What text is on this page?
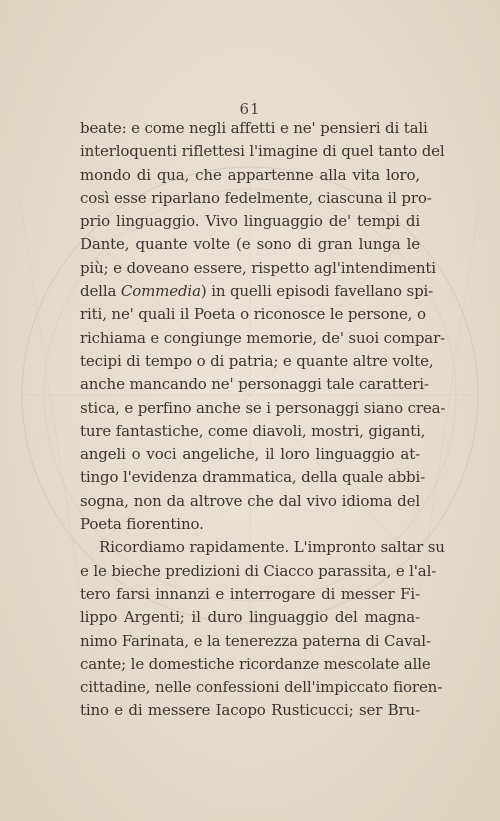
61
beate: e come negli affetti e ne' pensieri di tali
interloquenti riflettesi l'imagine di quel tanto del
mondo di qua, che appartenne alla vita loro,
così esse riparlano fedelmente, ciascuna il pro-
prio linguaggio. Vivo linguaggio de' tempi di
Dante, quante volte (e sono di gran lunga le
più; e doveano essere, rispetto agl'intendimenti
della Commedia) in quelli episodi favellano spi-
riti, ne' quali il Poeta o riconosce le persone, o
richiama e congiunge memorie, de' suoi compar-
tecipi di tempo o di patria; e quante altre volte,
anche mancando ne' personaggi tale caratteri-
stica, e perfino anche se i personaggi siano crea-
ture fantastiche, come diavoli, mostri, giganti,
angeli o voci angeliche, il loro linguaggio at-
tingo l'evidenza drammatica, della quale abbi-
sogna, non da altrove che dal vivo idioma del
Poeta fiorentino.
Ricordiamo rapidamente. L'impronto saltar su
e le bieche predizioni di Ciacco parassita, e l'al-
tero farsi innanzi e interrogare di messer Fi-
lippo Argenti; il duro linguaggio del magna-
nimo Farinata, e la tenerezza paterna di Caval-
cante; le domestiche ricordanze mescolate alle
cittadine, nelle confessioni dell'impiccato fioren-
tino e di messere Iacopo Rusticucci; ser Bru-
